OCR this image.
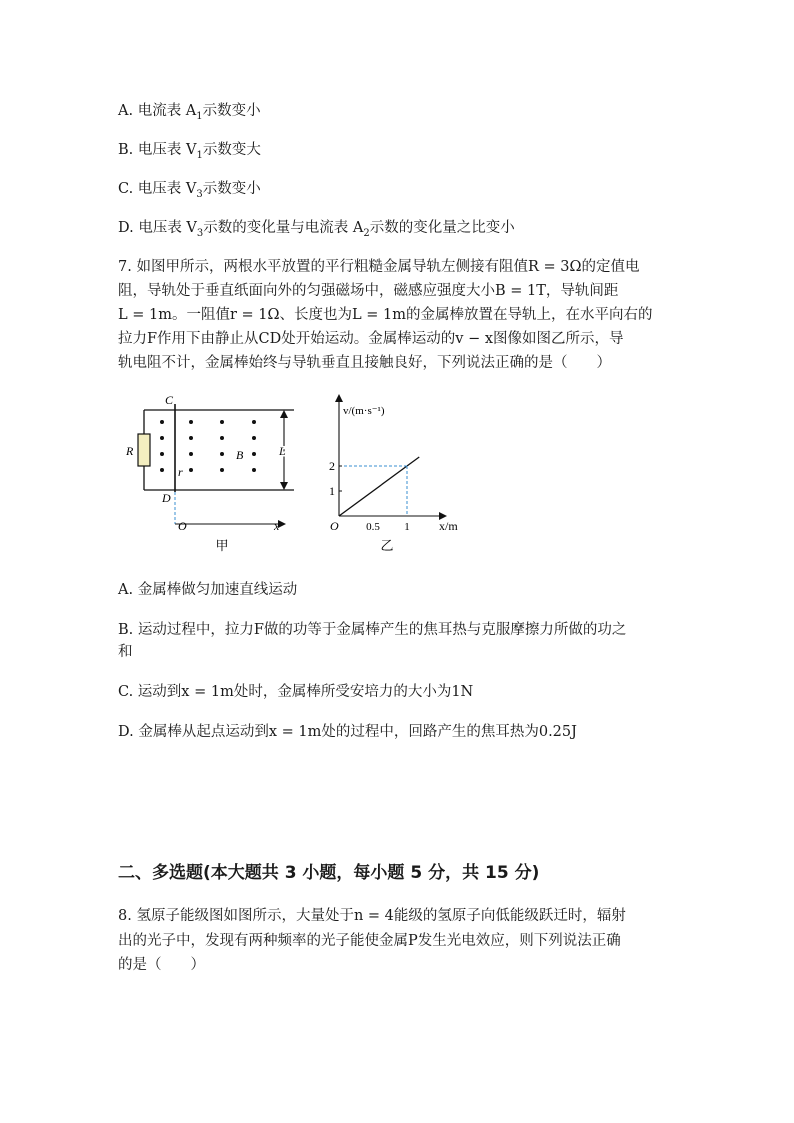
A. 电流表 $A_1$示数变小
B. 电压表 $V_1$示数变大
C. 电压表 $V_3$示数变小
D. 电压表 $V_3$示数的变化量与电流表 $A_2$示数的变化量之比变小
7. 如图甲所示，两根水平放置的平行粗糙金属导轨左侧接有阻值R = 3Ω的定值电
阻，导轨处于垂直纸面向外的匀强磁场中，磁感应强度大小B = 1T，导轨间距
L = 1m。一阻值r = 1Ω、长度也为L = 1m的金属棒放置在导轨上，在水平向右的
拉力F作用下由静止从CD处开始运动。金属棒运动的v − x图像如图乙所示，导
轨电阻不计，金属棒始终与导轨垂直且接触良好，下列说法正确的是（　　）
R
C
D
r
B	L
O	x
甲
v/(m·s⁻¹)
x/m
O
1
2
0.5 1
乙
A. 金属棒做匀加速直线运动
B. 运动过程中，拉力F做的功等于金属棒产生的焦耳热与克服摩擦力所做的功之
和
C. 运动到x = 1m处时，金属棒所受安培力的大小为1N
D. 金属棒从起点运动到x = 1m处的过程中，回路产生的焦耳热为0.25J
二、多选题(本大题共 3 小题，每小题 5 分，共 15 分)
8. 氢原子能级图如图所示，大量处于n = 4能级的氢原子向低能级跃迁时，辐射
出的光子中，发现有两种频率的光子能使金属P发生光电效应，则下列说法正确
的是（　　）
